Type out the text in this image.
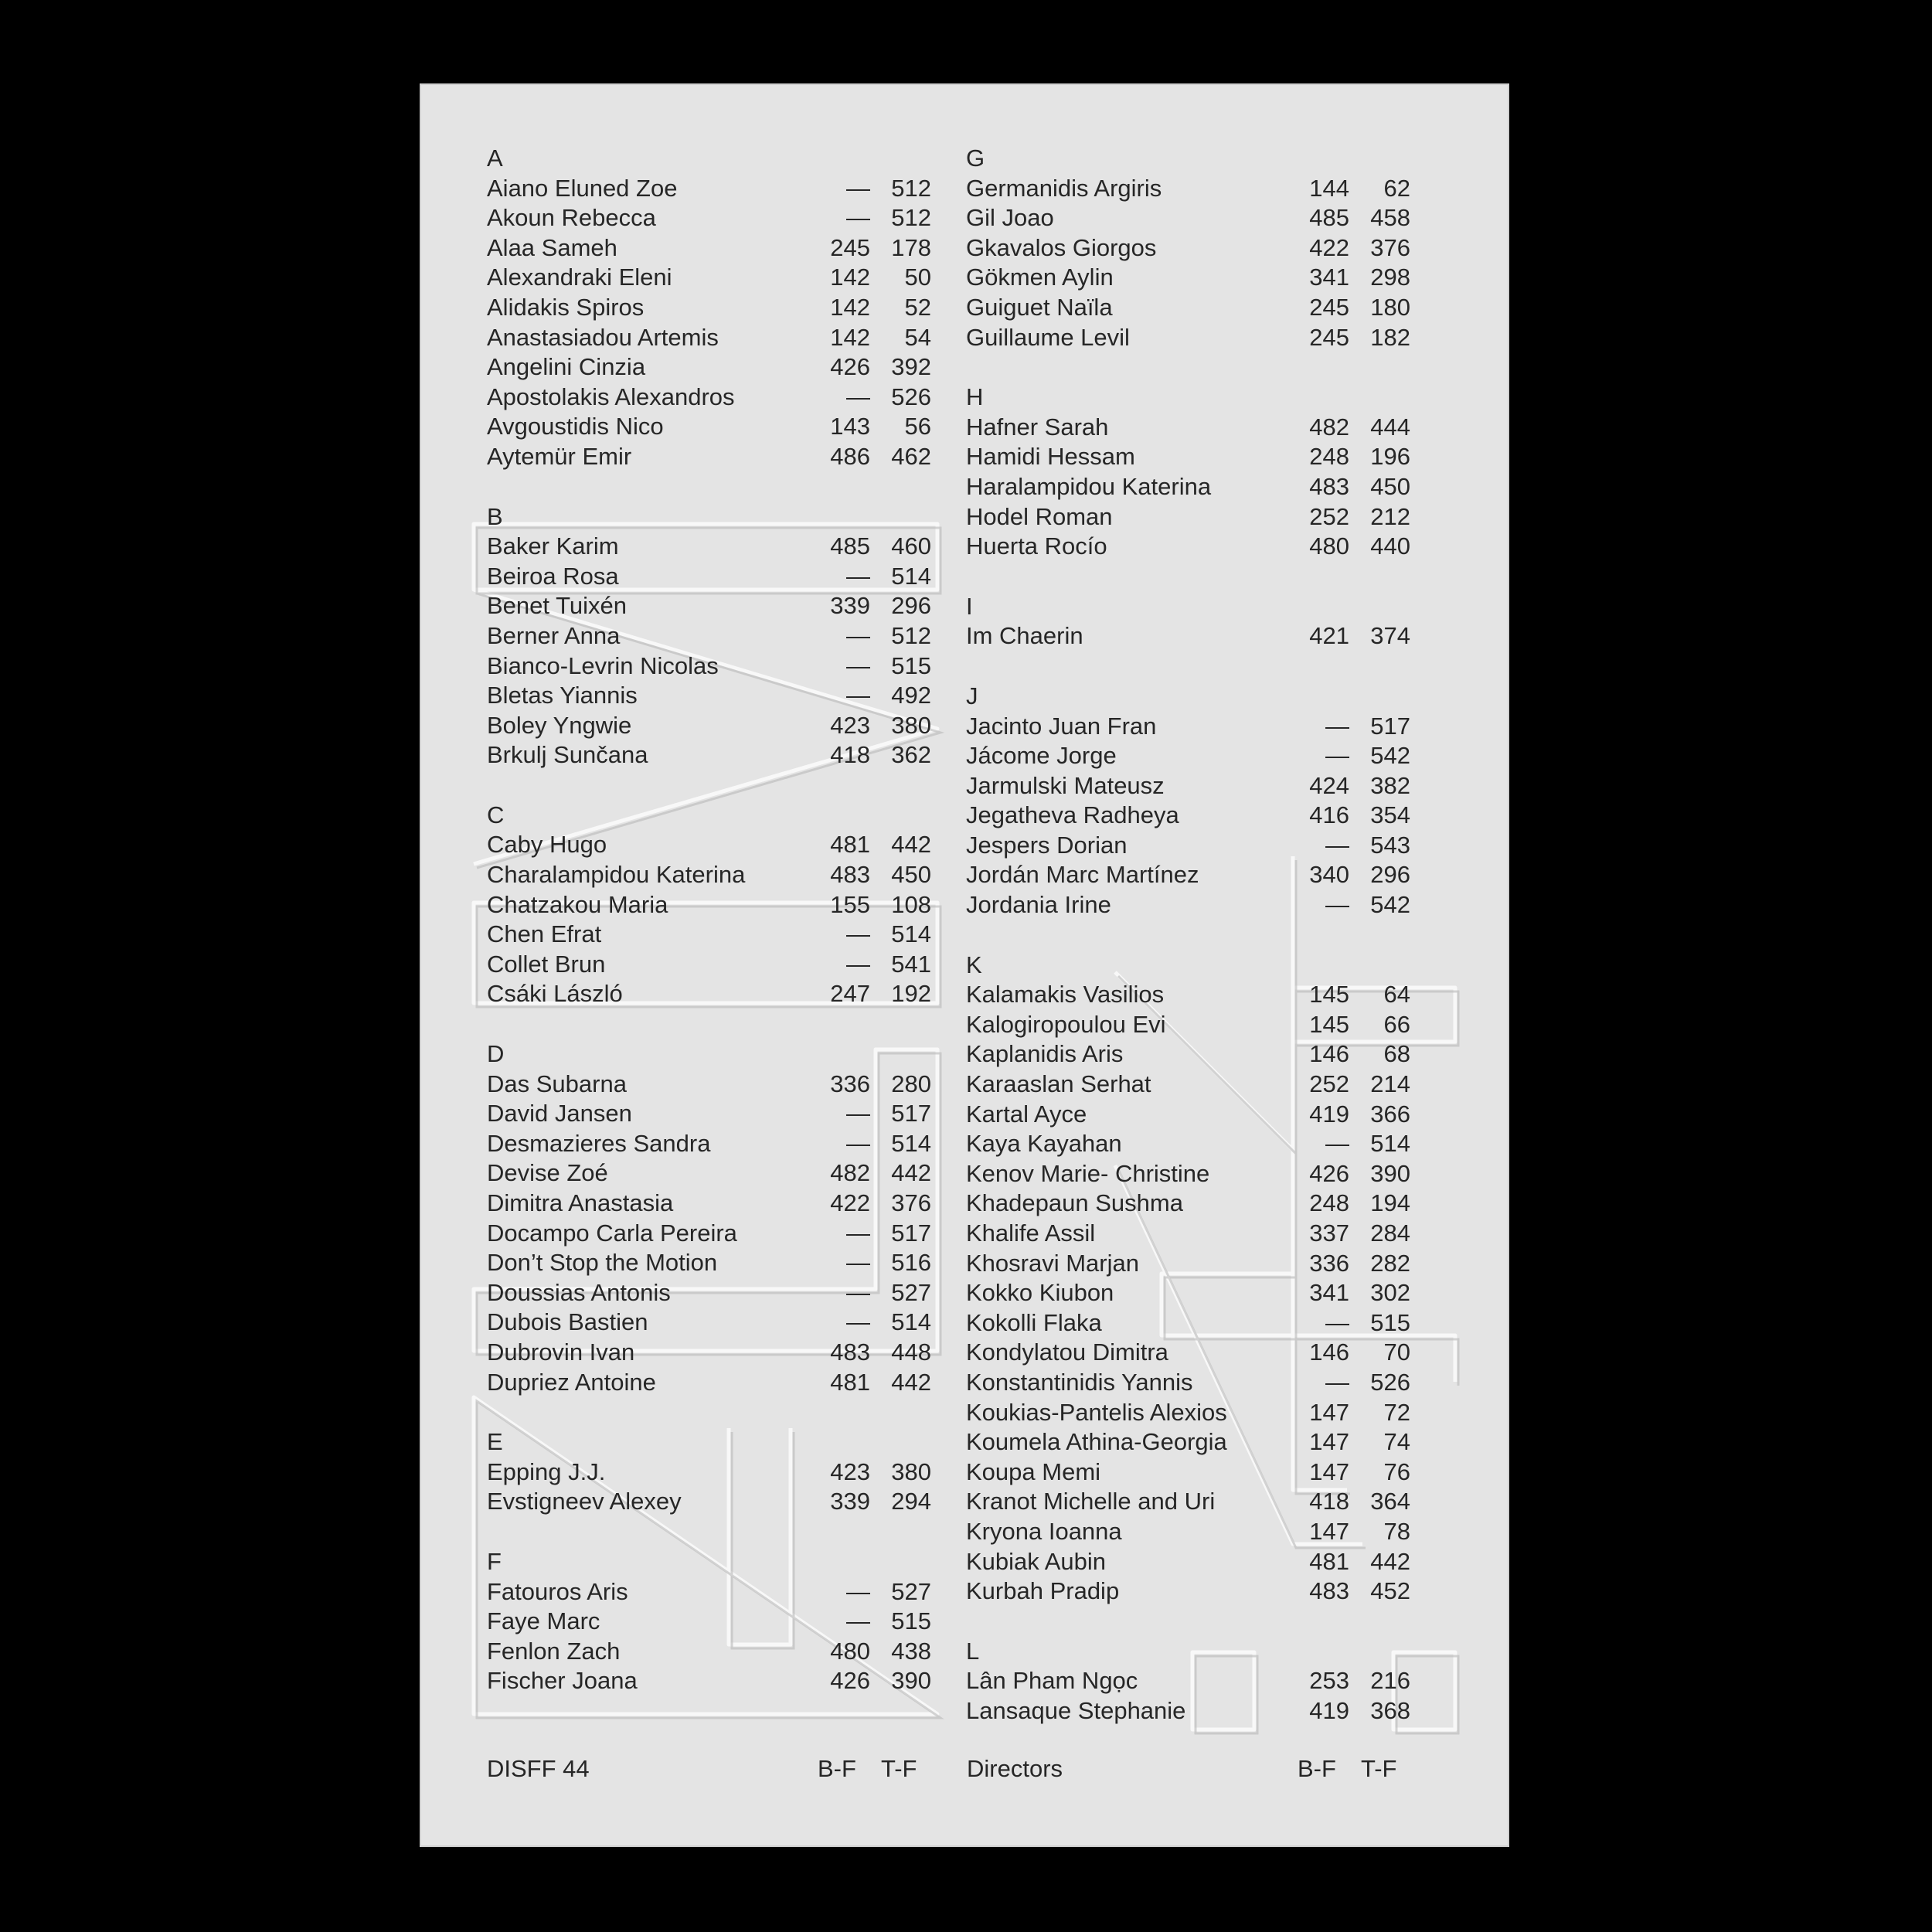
A
Aiano Eluned Zoe	— 512
Akoun Rebecca	— 512
Alaa Sameh	245 178
Alexandraki Eleni	142	50
Alidakis Spiros	142	52
Anastasiadou Artemis	142	54
Angelini Cinzia	426 392
Apostolakis Alexandros	— 526
Avgoustidis Nico	143	56
Aytemür Emir	486 462
B
Baker Karim	485 460
Beiroa Rosa	— 514
Benet Tuixén	339 296
Berner Anna	— 512
Bianco-Levrin Nicolas	— 515
Bletas Yiannis	— 492
Boley Yngwie	423 380
Brkulj Sunčana	418 362
C
Caby Hugo	481 442
Charalampidou Katerina	483 450
Chatzakou Maria	155 108
Chen Efrat	— 514
Collet Brun	— 541
Csáki László	247 192
D
Das Subarna	336 280
David Jansen	— 517
Desmazieres Sandra	— 514
Devise Zoé	482 442
Dimitra Anastasia	422 376
Docampo Carla Pereira	— 517
Don’t Stop the Motion	— 516
Doussias Antonis	— 527
Dubois Bastien	— 514
Dubrovin Ivan	483 448
Dupriez Antoine	481 442
E
Epping J.J.	423 380
Evstigneev Alexey	339 294
F
Fatouros Aris	— 527
Faye Marc	— 515
Fenlon Zach	480 438
Fischer Joana	426 390
G
Germanidis Argiris	144	62
Gil Joao	485 458
Gkavalos Giorgos	422 376
Gökmen Aylin	341 298
Guiguet Naïla	245 180
Guillaume Levil	245 182
H
Hafner Sarah	482 444
Hamidi Hessam	248 196
Haralampidou Katerina	483 450
Hodel Roman	252 212
Huerta Rocío	480 440
I
Im Chaerin	421 374
J
Jacinto Juan Fran	— 517
Jácome Jorge	— 542
Jarmulski Mateusz	424 382
Jegatheva Radheya	416 354
Jespers Dorian	— 543
Jordán Marc Martínez	340 296
Jordania Irine	— 542
K
Kalamakis Vasilios	145	64
Kalogiropoulou Evi	145	66
Kaplanidis Aris	146	68
Karaaslan Serhat	252 214
Kartal Ayce	419 366
Kaya Kayahan	— 514
Kenov Marie- Christine	426 390
Khadepaun Sushma	248 194
Khalife Assil	337 284
Khosravi Marjan	336 282
Kokko Kiubon	341 302
Kokolli Flaka	— 515
Kondylatou Dimitra	146	70
Konstantinidis Yannis	— 526
Koukias-Pantelis Alexios	147	72
Koumela Athina-Georgia	147	74
Koupa Memi	147	76
Kranot Michelle and Uri	418 364
Kryona Ioanna	147	78
Kubiak Aubin	481 442
Kurbah Pradip	483 452
L
Lân Pham Ngọc	253 216
Lansaque Stephanie	419 368
DISFF 44	B-F T-F Directors	B-F T-F
